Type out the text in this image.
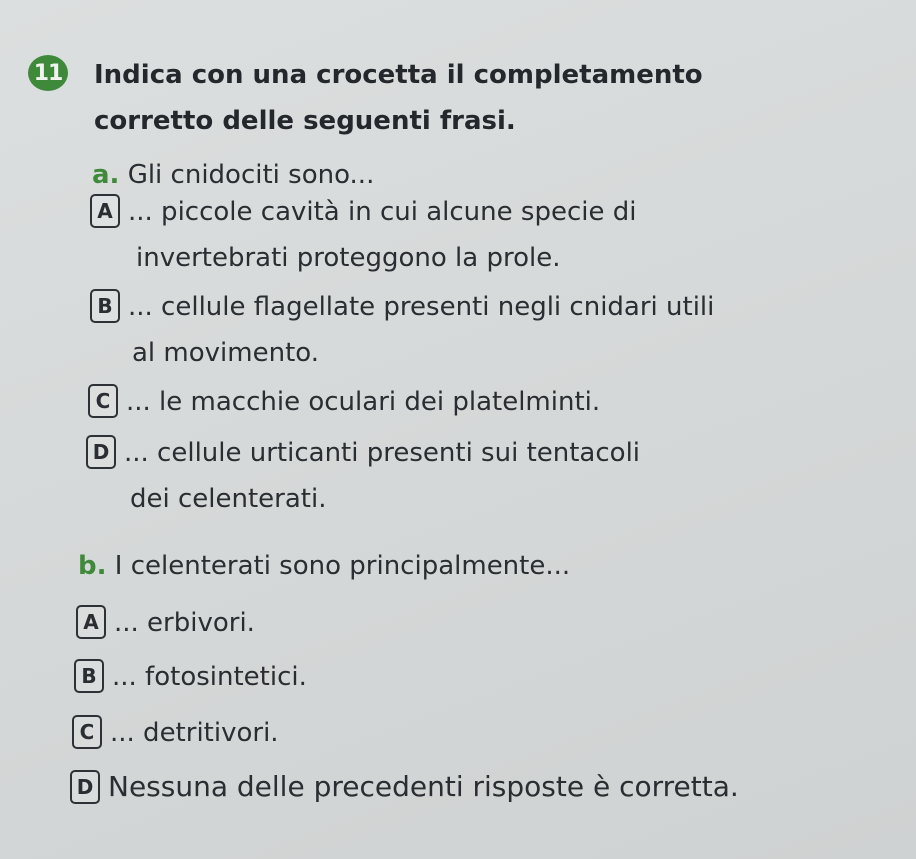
11 Indica con una crocetta il completamento
corretto delle seguenti frasi.
a. Gli cnidociti sono...
A ... piccole cavità in cui alcune specie di
invertebrati proteggono la prole.
B ... cellule flagellate presenti negli cnidari utili
al movimento.
C ... le macchie oculari dei platelminti.
D ... cellule urticanti presenti sui tentacoli
dei celenterati.
b. I celenterati sono principalmente...
A ... erbivori.
B ... fotosintetici.
C ... detritivori.
D Nessuna delle precedenti risposte è corretta.
